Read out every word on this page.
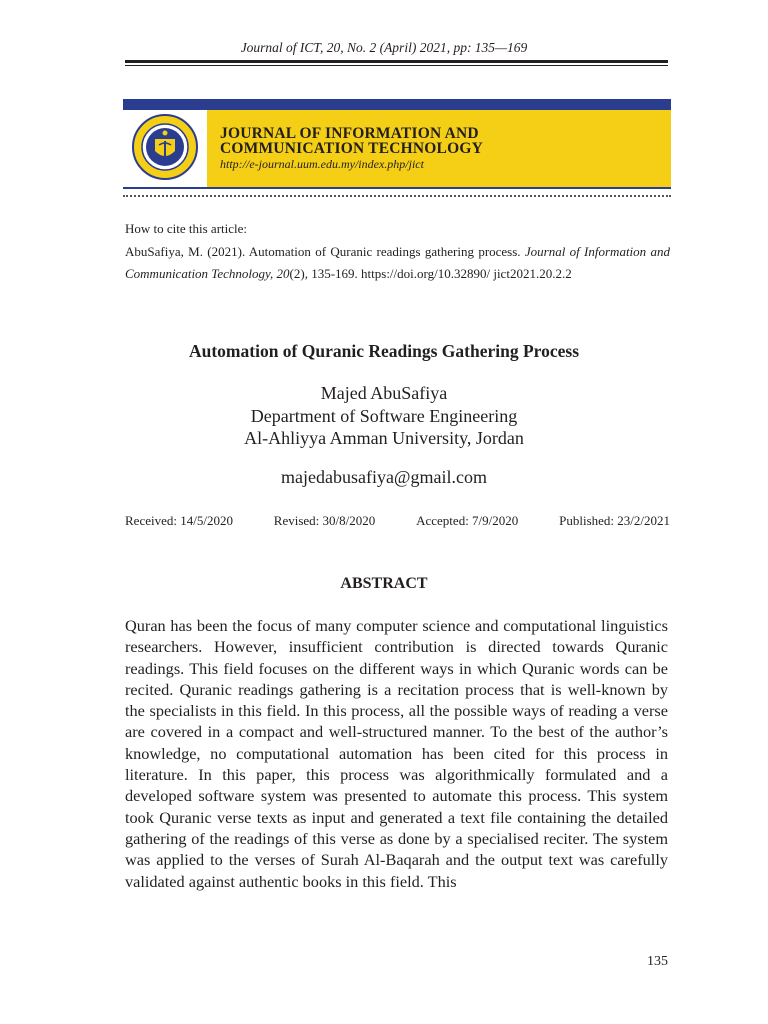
Journal of ICT, 20, No. 2 (April) 2021, pp: 135—169
JOURNAL OF INFORMATION AND
COMMUNICATION TECHNOLOGY
http://e-journal.uum.edu.my/index.php/jict
How to cite this article:
AbuSafiya, M. (2021). Automation of Quranic readings gathering process. Journal of Information and Communication Technology, 20(2), 135-169. https://doi.org/10.32890/ jict2021.20.2.2
Automation of Quranic Readings Gathering Process
Majed AbuSafiya
Department of Software Engineering
Al-Ahliyya Amman University, Jordan
majedabusafiya@gmail.com
Received: 14/5/2020	Revised: 30/8/2020	Accepted: 7/9/2020	Published: 23/2/2021
ABSTRACT

Quran has been the focus of many computer science and computational linguistics researchers. However, insufficient contribution is directed towards Quranic readings. This field focuses on the different ways in which Quranic words can be recited. Quranic readings gathering is a recitation process that is well-known by the specialists in this field. In this process, all the possible ways of reading a verse are covered in a compact and well-structured manner. To the best of the author’s knowledge, no computational automation has been cited for this process in literature. In this paper, this process was algorithmically formulated and a developed software system was presented to automate this process. This system took Quranic verse texts as input and generated a text file containing the detailed gathering of the readings of this verse as done by a specialised reciter. The system was applied to the verses of Surah Al-Baqarah and the output text was carefully validated against authentic books in this field. This

135
